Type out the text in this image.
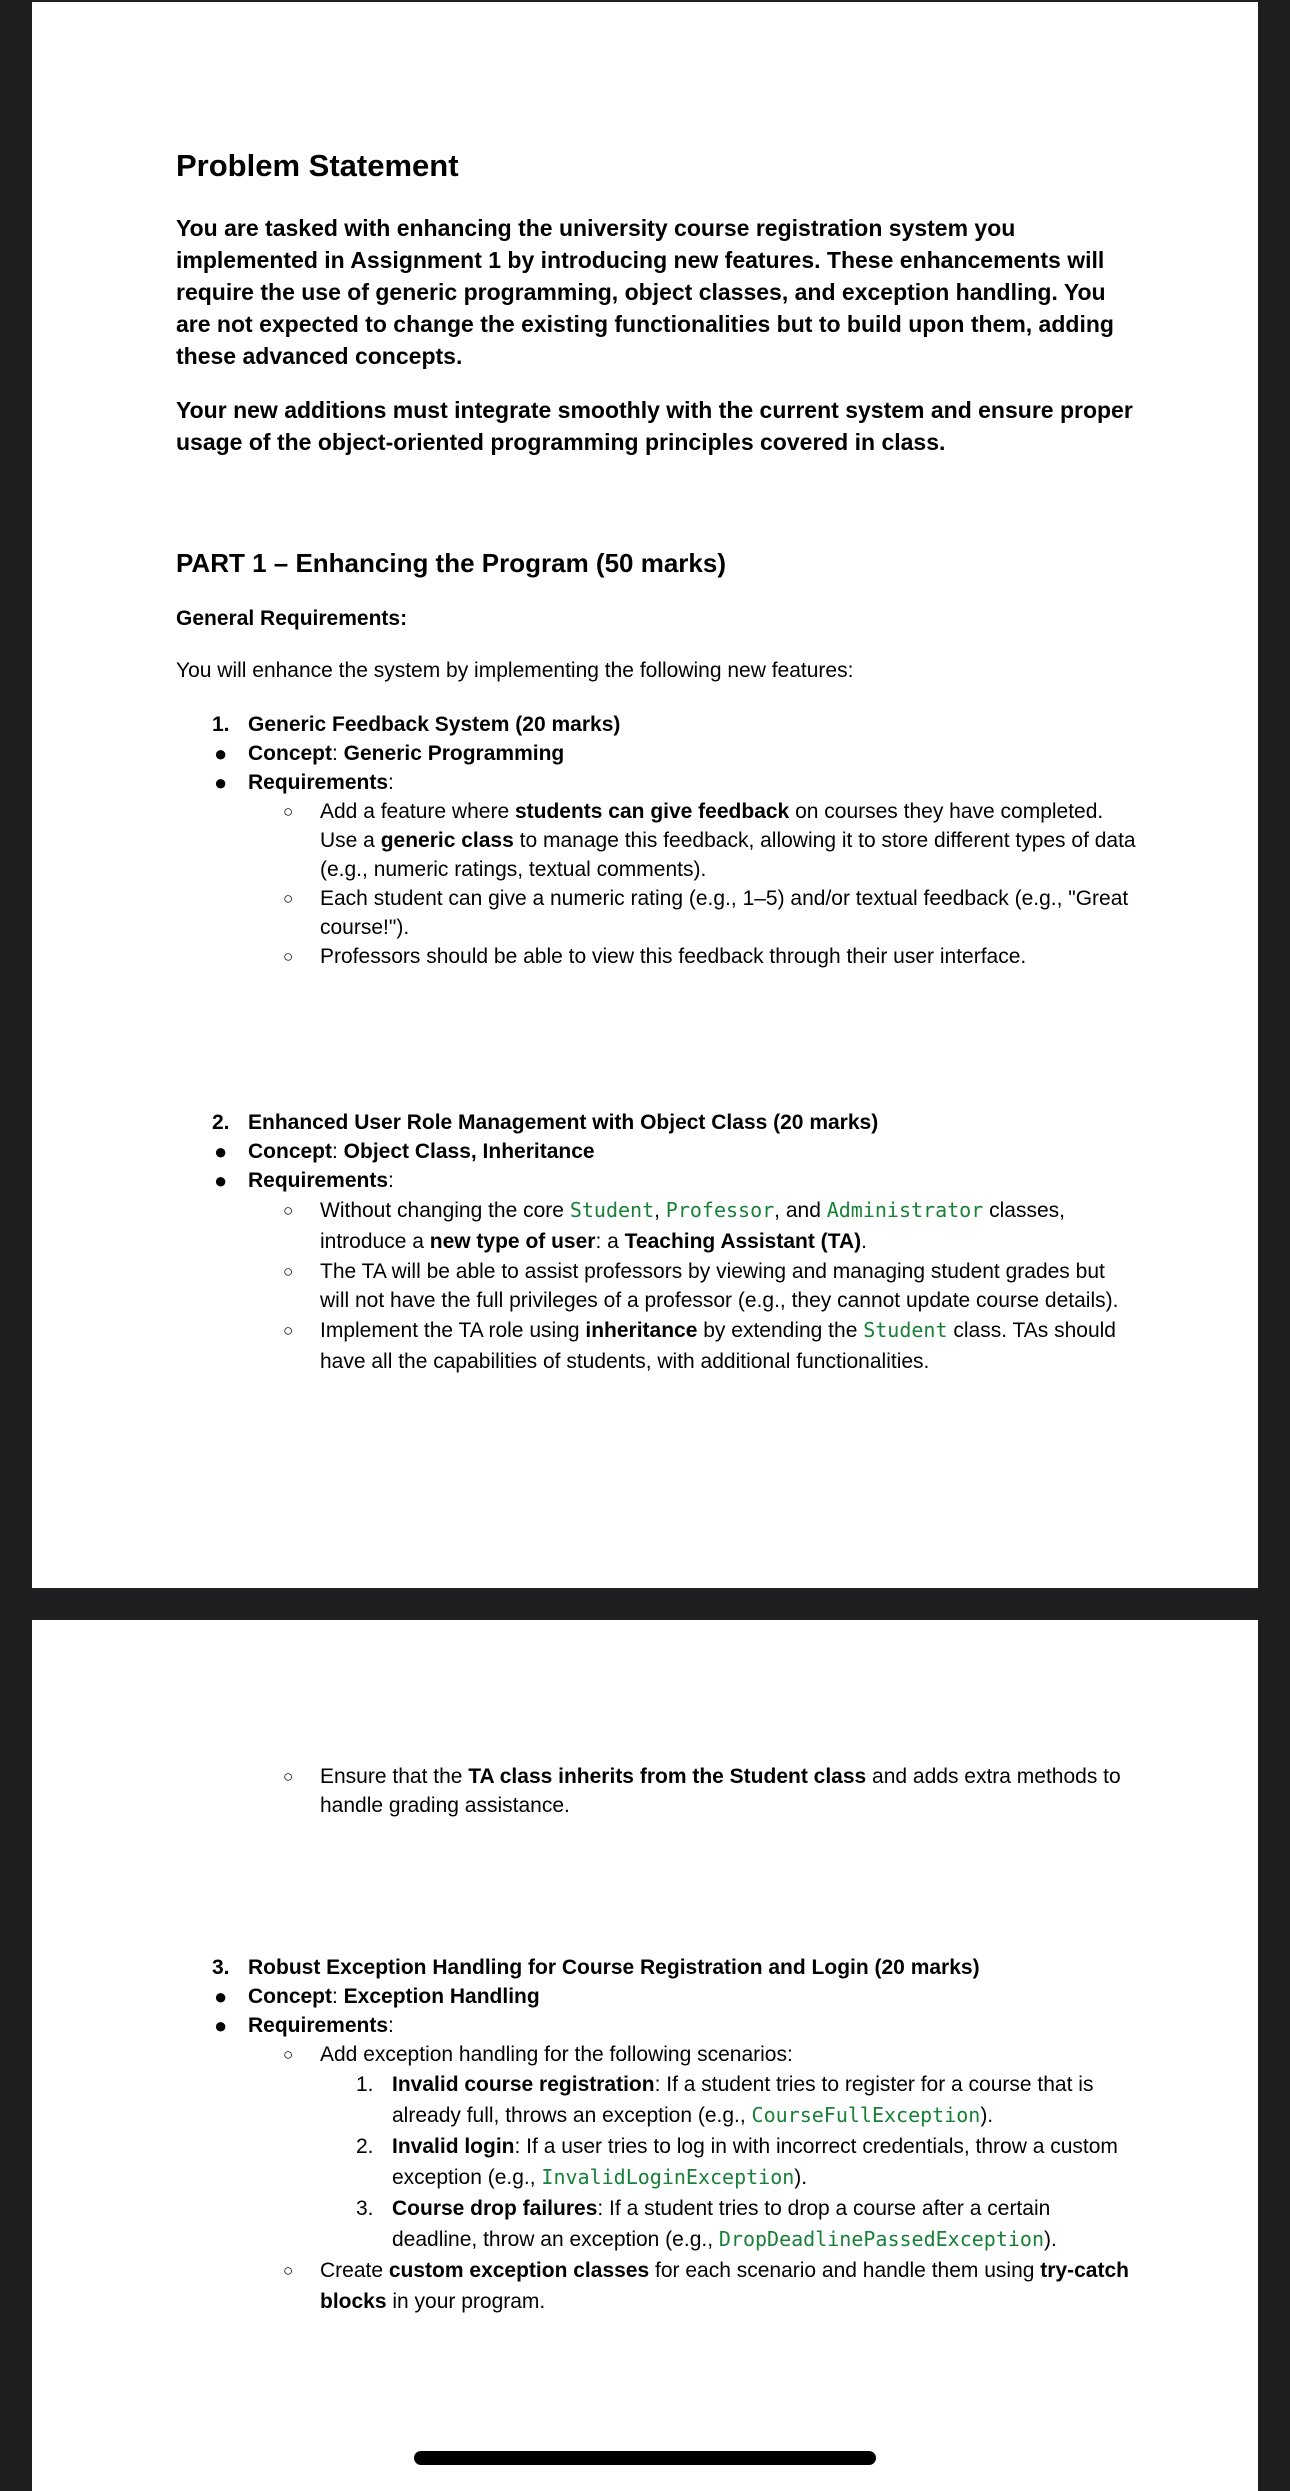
Problem Statement

You are tasked with enhancing the university course registration system you implemented in Assignment 1 by introducing new features. These enhancements will require the use of generic programming, object classes, and exception handling. You are not expected to change the existing functionalities but to build upon them, adding these advanced concepts.

Your new additions must integrate smoothly with the current system and ensure proper usage of the object-oriented programming principles covered in class.

PART 1 – Enhancing the Program (50 marks)
General Requirements:

You will enhance the system by implementing the following new features:

1. Generic Feedback System (20 marks)
● Concept: Generic Programming
● Requirements:
○ Add a feature where students can give feedback on courses they have completed. Use a generic class to manage this feedback, allowing it to store different types of data (e.g., numeric ratings, textual comments).
○ Each student can give a numeric rating (e.g., 1–5) and/or textual feedback (e.g., "Great course!").
○ Professors should be able to view this feedback through their user interface.
2. Enhanced User Role Management with Object Class (20 marks)
● Concept: Object Class, Inheritance
● Requirements:
○ Without changing the core Student, Professor, and Administrator classes, introduce a new type of user: a Teaching Assistant (TA).
○ The TA will be able to assist professors by viewing and managing student grades but will not have the full privileges of a professor (e.g., they cannot update course details).
○ Implement the TA role using inheritance by extending the Student class. TAs should have all the capabilities of students, with additional functionalities.
○ Ensure that the TA class inherits from the Student class and adds extra methods to handle grading assistance.
3. Robust Exception Handling for Course Registration and Login (20 marks)
● Concept: Exception Handling
● Requirements:
○ Add exception handling for the following scenarios:
1. Invalid course registration: If a student tries to register for a course that is already full, throws an exception (e.g., CourseFullException).
2. Invalid login: If a user tries to log in with incorrect credentials, throw a custom exception (e.g., InvalidLoginException).
3. Course drop failures: If a student tries to drop a course after a certain deadline, throw an exception (e.g., DropDeadlinePassedException).
○ Create custom exception classes for each scenario and handle them using try-catch blocks in your program.
